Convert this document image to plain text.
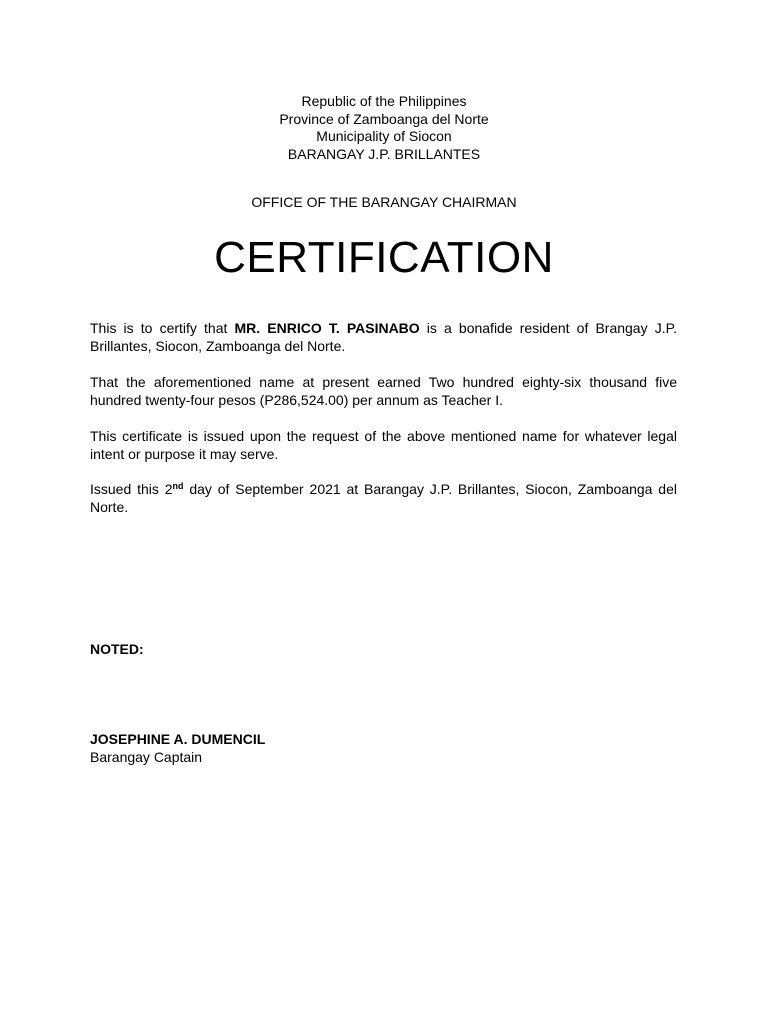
Republic of the Philippines
Province of Zamboanga del Norte
Municipality of Siocon
BARANGAY J.P. BRILLANTES
OFFICE OF THE BARANGAY CHAIRMAN
CERTIFICATION
This is to certify that MR. ENRICO T. PASINABO is a bonafide resident of Brangay J.P. Brillantes, Siocon, Zamboanga del Norte.
That the aforementioned name at present earned Two hundred eighty-six thousand five hundred twenty-four pesos (P286,524.00) per annum as Teacher I.
This certificate is issued upon the request of the above mentioned name for whatever legal intent or purpose it may serve.
Issued this 2nd day of September 2021 at Barangay J.P. Brillantes, Siocon, Zamboanga del Norte.
NOTED:
JOSEPHINE A. DUMENCIL
Barangay Captain
